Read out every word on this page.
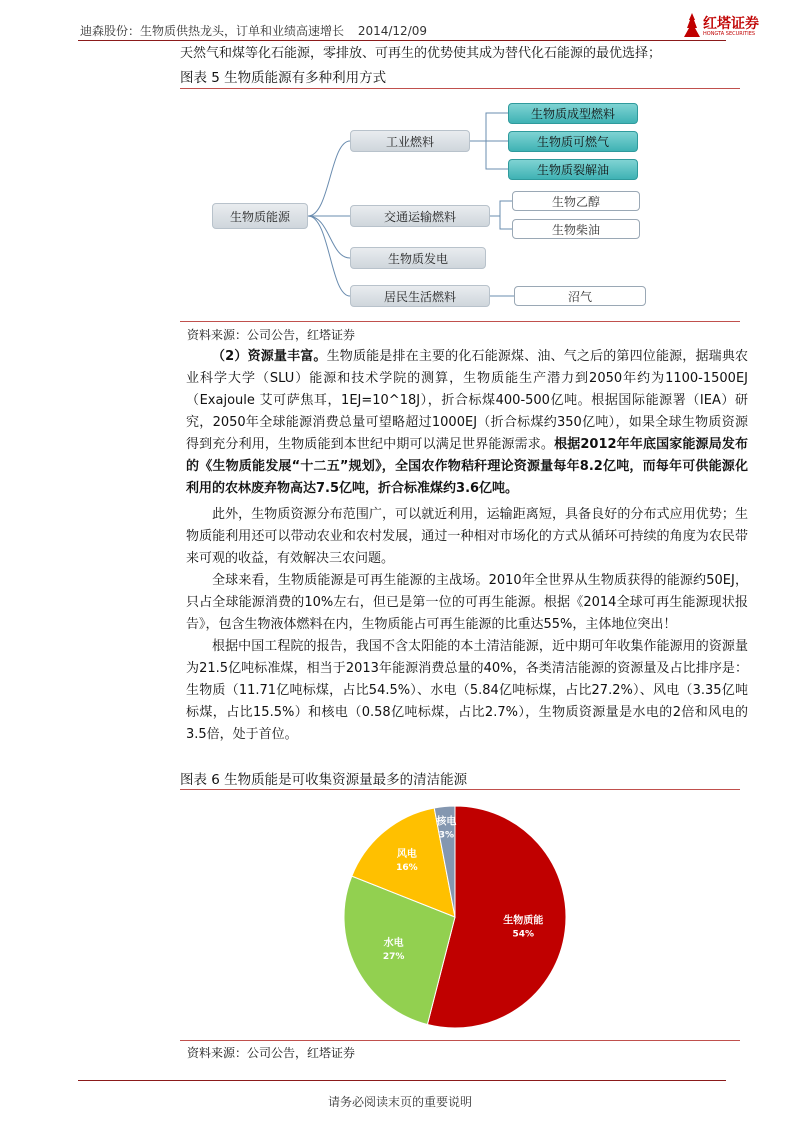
迪森股份：生物质供热龙头，订单和业绩高速增长 2014/12/09	红塔证券
HONGTA SECURITIES
天然气和煤等化石能源，零排放、可再生的优势使其成为替代化石能源的最优选择；
图表 5 生物质能源有多种利用方式
生物质能源
工业燃料
交通运输燃料
生物质发电
居民生活燃料
生物质成型燃料
生物质可燃气
生物质裂解油
生物乙醇
生物柴油
沼气
资料来源：公司公告，红塔证券

（2）资源量丰富。生物质能是排在主要的化石能源煤、油、气之后的第四位能源，据瑞典农业科学大学（SLU）能源和技术学院的测算，生物质能生产潜力到2050年约为1100-1500EJ（Exajoule 艾可萨焦耳，1EJ=10^18J），折合标煤400-500亿吨。根据国际能源署（IEA）研究，2050年全球能源消费总量可望略超过1000EJ（折合标煤约350亿吨），如果全球生物质资源得到充分利用，生物质能到本世纪中期可以满足世界能源需求。根据2012年年底国家能源局发布的《生物质能发展“十二五”规划》，全国农作物秸秆理论资源量每年8.2亿吨，而每年可供能源化利用的农林废弃物高达7.5亿吨，折合标准煤约3.6亿吨。

此外，生物质资源分布范围广，可以就近利用，运输距离短，具备良好的分布式应用优势；生物质能利用还可以带动农业和农村发展，通过一种相对市场化的方式从循环可持续的角度为农民带来可观的收益，有效解决三农问题。

全球来看，生物质能源是可再生能源的主战场。2010年全世界从生物质获得的能源约50EJ，只占全球能源消费的10%左右，但已是第一位的可再生能源。根据《2014全球可再生能源现状报告》，包含生物液体燃料在内，生物质能占可再生能源的比重达55%，主体地位突出！

根据中国工程院的报告，我国不含太阳能的本土清洁能源，近中期可年收集作能源用的资源量为21.5亿吨标准煤，相当于2013年能源消费总量的40%，各类清洁能源的资源量及占比排序是：生物质（11.71亿吨标煤，占比54.5%）、水电（5.84亿吨标煤，占比27.2%）、风电（3.35亿吨标煤，占比15.5%）和核电（0.58亿吨标煤，占比2.7%），生物质资源量是水电的2倍和风电的3.5倍，处于首位。

图表 6 生物质能是可收集资源量最多的清洁能源
生物质能
54%
水电
27%
风电
16%
核电
3%
资料来源：公司公告，红塔证券
请务必阅读末页的重要说明
